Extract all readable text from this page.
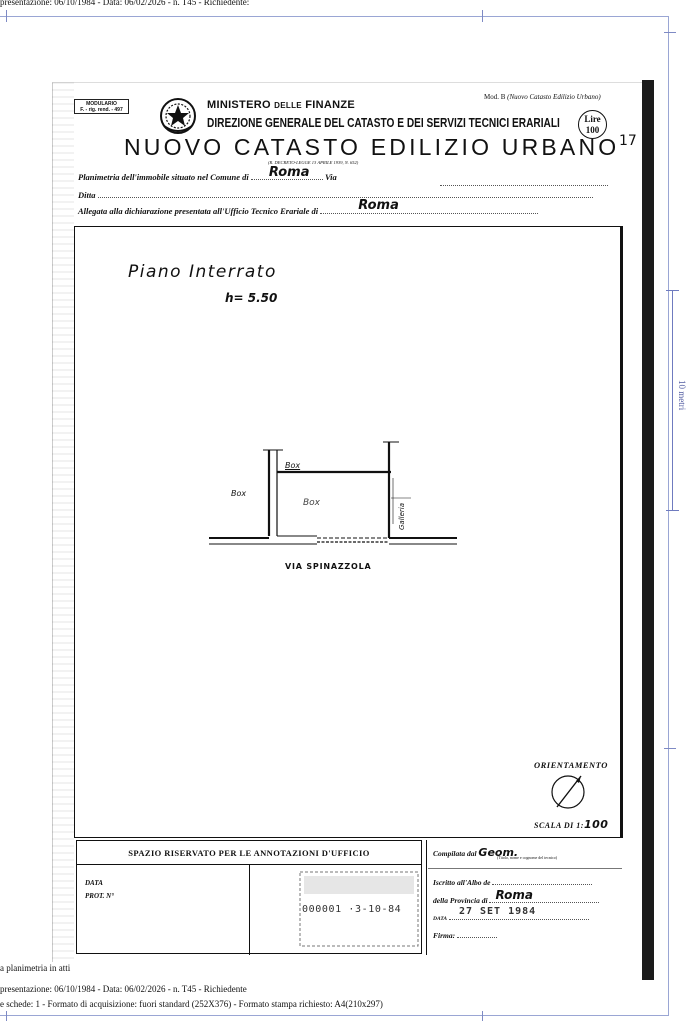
presentazione: 06/10/1984 - Data: 06/02/2026 - n. T45 - Richiedente:
10 metri
MODULARIO
F. - rig. rend. - 497	MINISTERO DELLE FINANZE
DIREZIONE GENERALE DEL CATASTO E DEI SERVIZI TECNICI ERARIALI
Mod. B (Nuovo Catasto Edilizio Urbano)
Lire
100
17
NUOVO CATASTO EDILIZIO URBANO
(R. DECRETO-LEGGE 13 APRILE 1939, N. 652)
Planimetria dell'immobile situato nel Comune di Roma Via
Ditta
Allegata alla dichiarazione presentata all'Ufficio Tecnico Erariale di	Roma
Piano Interrato
h= 5.50
Box
Box
Box	Galleria
VIA SPINAZZOLA
ORIENTAMENTO
SCALA DI 1:100
SPAZIO RISERVATO PER LE ANNOTAZIONI D'UFFICIO
DATA
PROT. N°
000001 ·3-10-84
Compilata dal Geom.
(Titolo, nome e cognome del tecnico)
Iscritto all'Albo de
della Provincia di Roma
DATA
27 SET 1984
Firma:
a planimetria in atti
presentazione: 06/10/1984 - Data: 06/02/2026 - n. T45 - Richiedente
e schede: 1 - Formato di acquisizione: fuori standard (252X376) - Formato stampa richiesto: A4(210x297)
